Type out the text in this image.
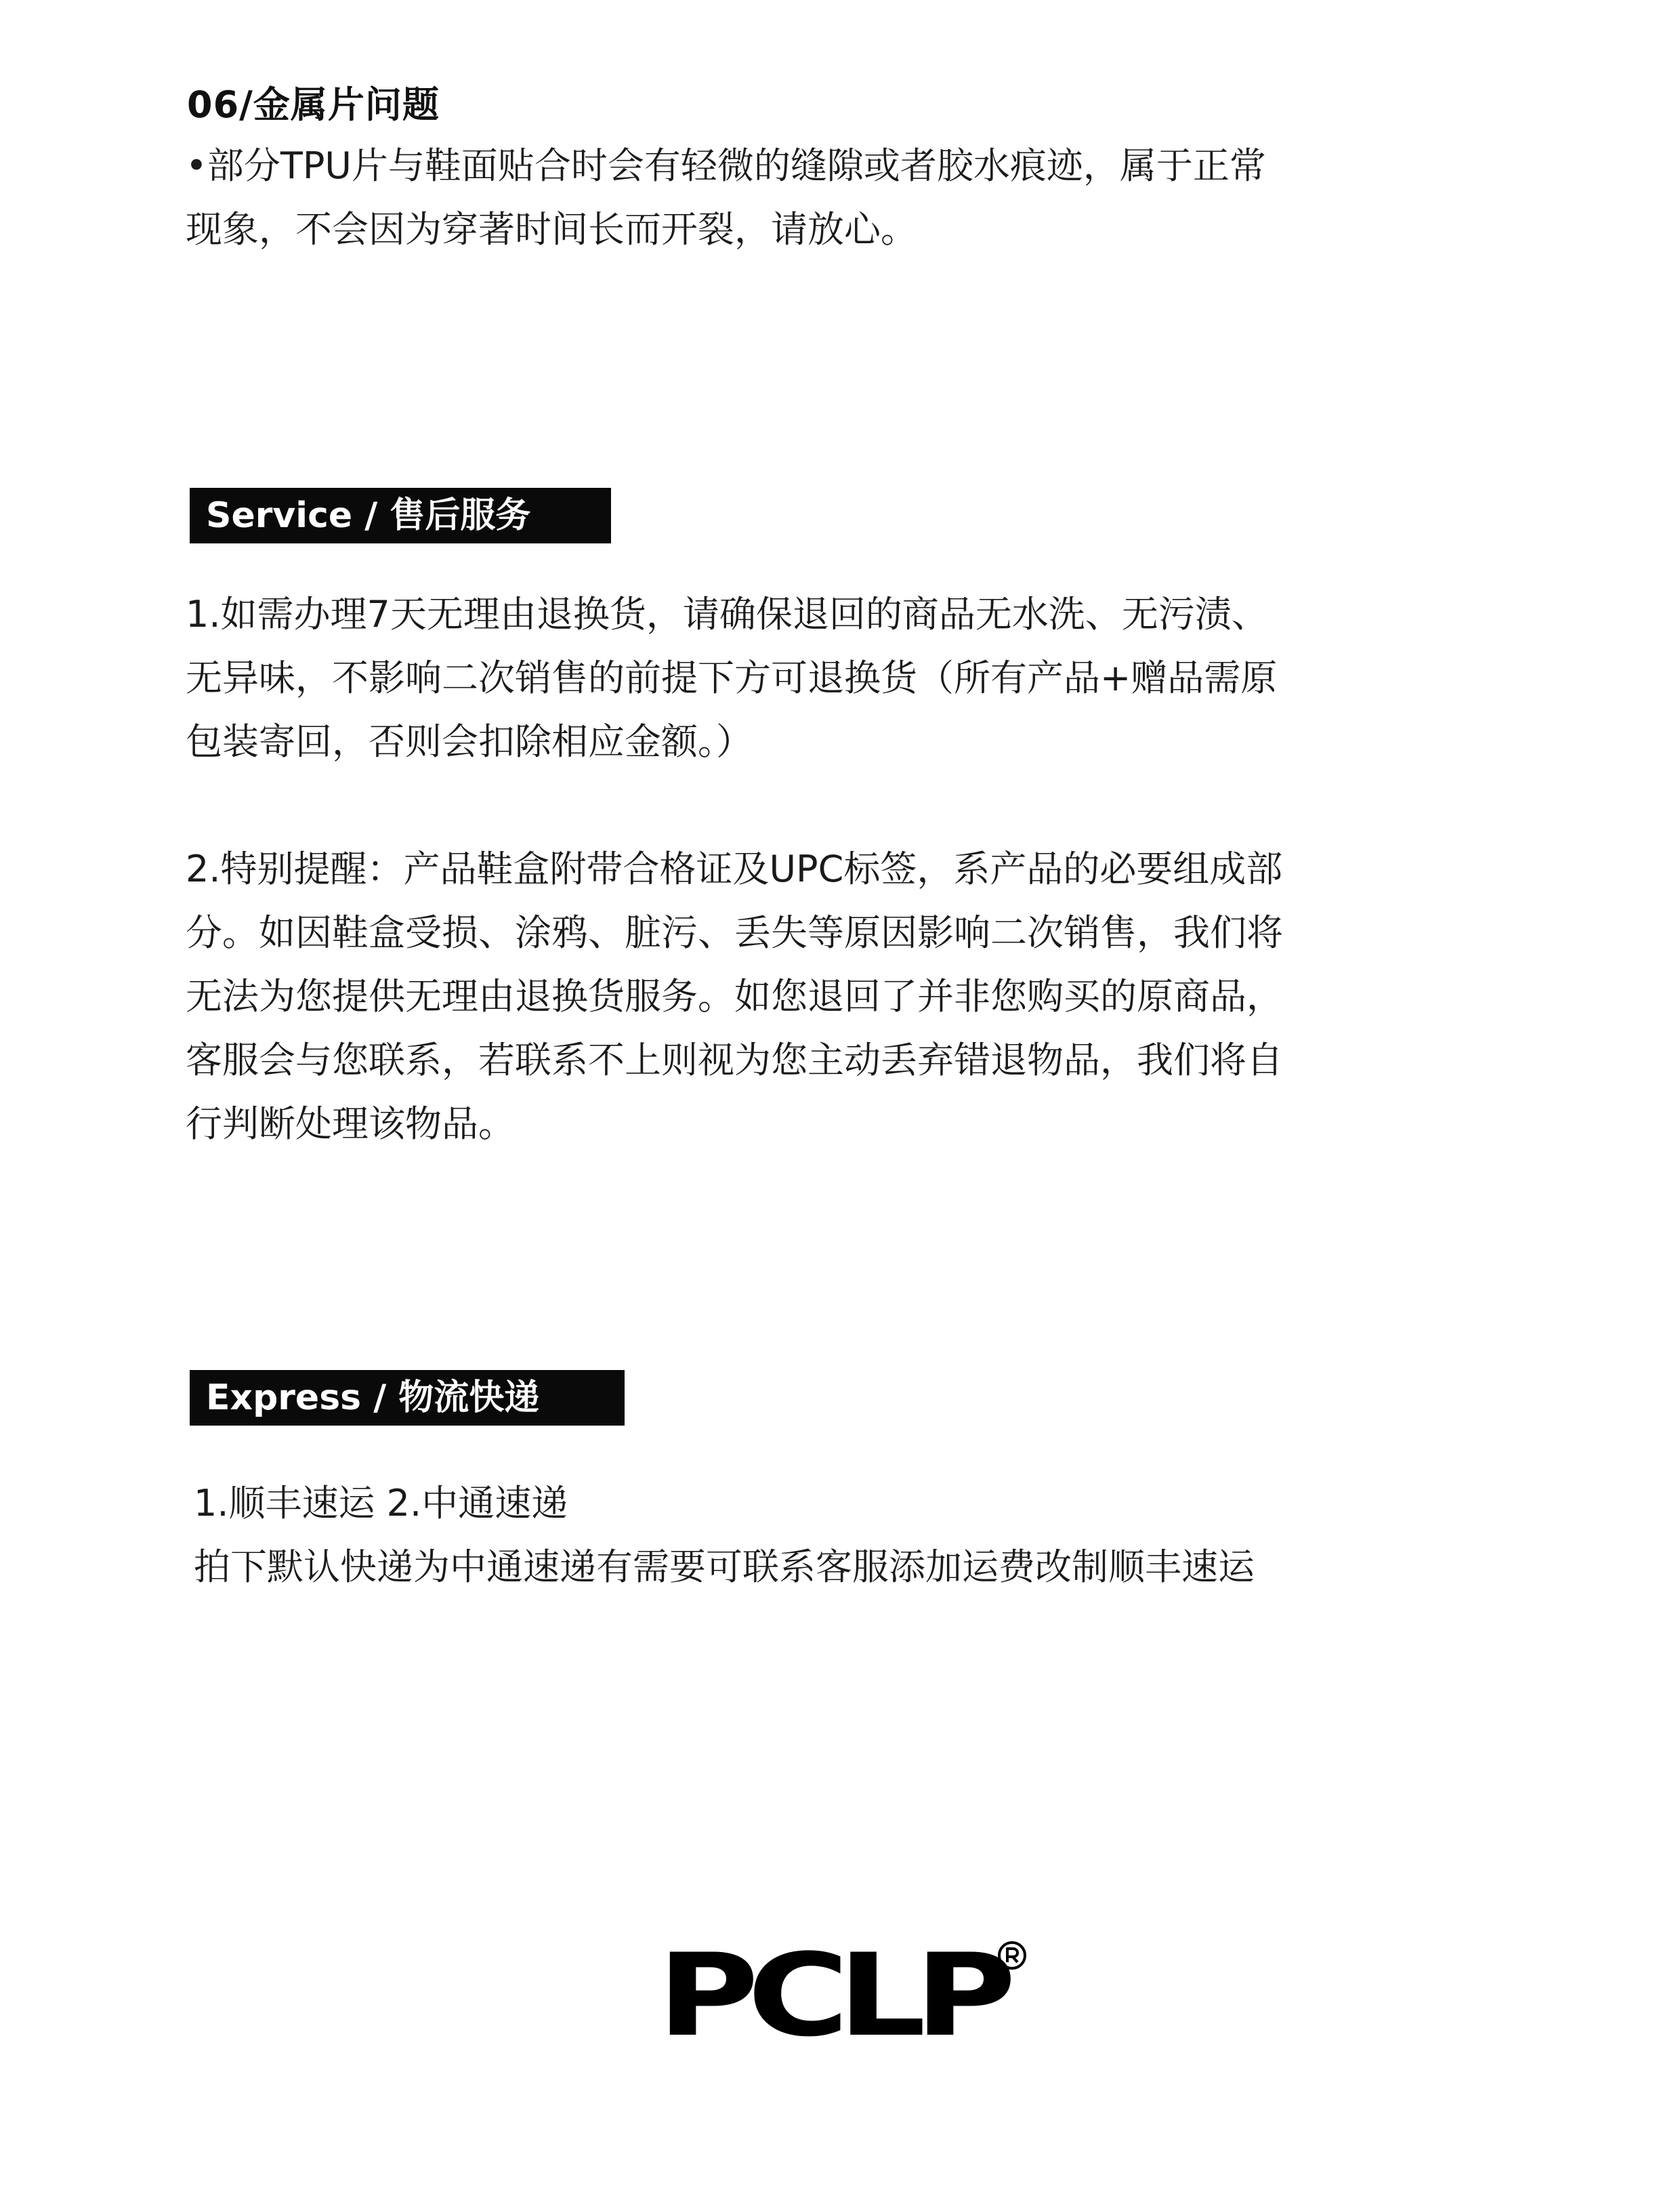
06/金属片问题

•部分TPU片与鞋面贴合时会有轻微的缝隙或者胶水痕迹，属于正常
现象，不会因为穿著时间长而开裂，请放心。

Service / 售后服务

1.如需办理7天无理由退换货，请确保退回的商品无水洗、无污渍、
无异味，不影响二次销售的前提下方可退换货（所有产品+赠品需原
包装寄回，否则会扣除相应金额。）

2.特别提醒：产品鞋盒附带合格证及UPC标签，系产品的必要组成部
分。如因鞋盒受损、涂鸦、脏污、丢失等原因影响二次销售，我们将
无法为您提供无理由退换货服务。如您退回了并非您购买的原商品，
客服会与您联系，若联系不上则视为您主动丢弃错退物品，我们将自
行判断处理该物品。

Express / 物流快递

1.顺丰速运 2.中通速递
拍下默认快递为中通速递有需要可联系客服添加运费改制顺丰速运

PCLP
